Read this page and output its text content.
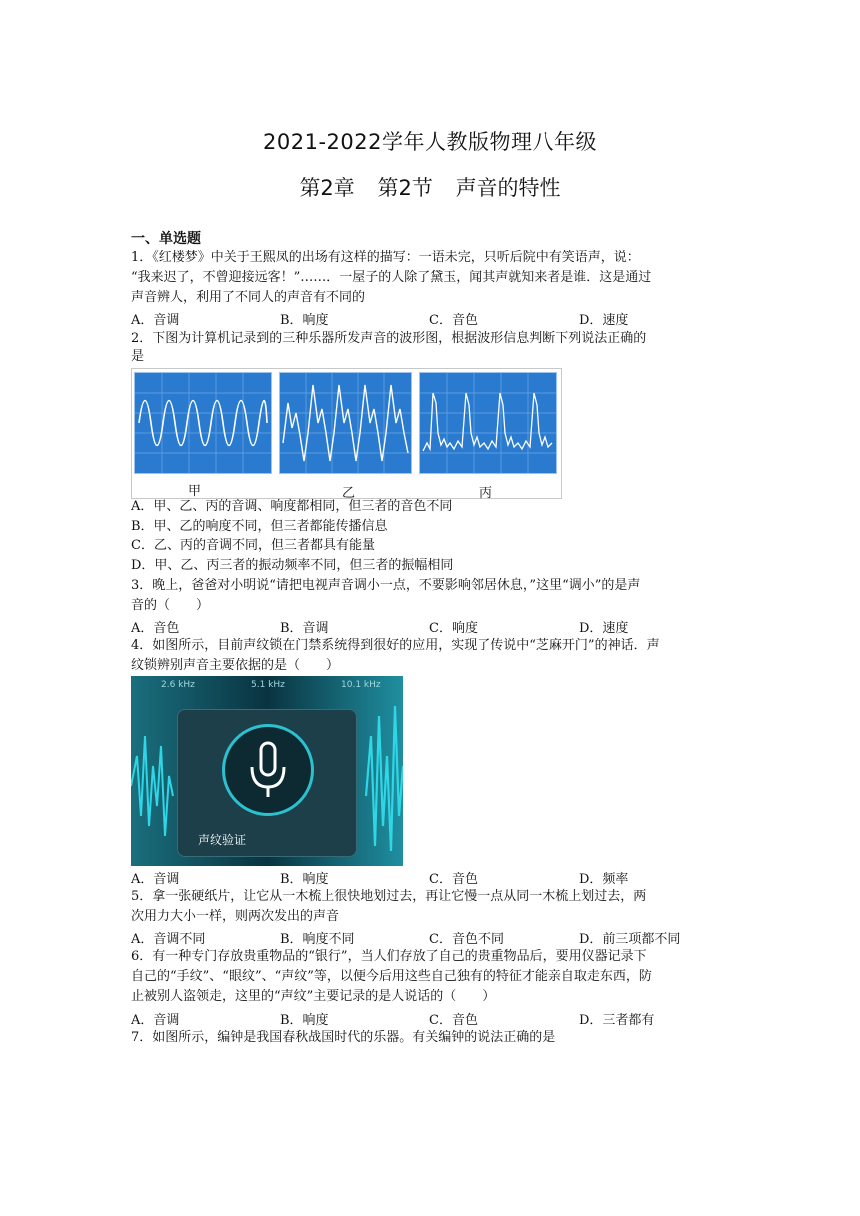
2021-2022学年人教版物理八年级
第2章 第2节 声音的特性
一、单选题
1．《红楼梦》中关于王熙凤的出场有这样的描写：一语未完，只听后院中有笑语声，说：
“我来迟了，不曾迎接远客！”……．一屋子的人除了黛玉，闻其声就知来者是谁．这是通过
声音辨人，利用了不同人的声音有不同的
A．音调	B．响度	C．音色	D．速度
2．下图为计算机记录到的三种乐器所发声音的波形图，根据波形信息判断下列说法正确的
是
甲	乙	丙
A．甲、乙、丙的音调、响度都相同，但三者的音色不同
B．甲、乙的响度不同，但三者都能传播信息
C．乙、丙的音调不同，但三者都具有能量
D．甲、乙、丙三者的振动频率不同，但三者的振幅相同
3．晚上，爸爸对小明说“请把电视声音调小一点，不要影响邻居休息，”这里“调小”的是声
音的（　　）
A．音色	B．音调	C．响度	D．速度
4．如图所示，目前声纹锁在门禁系统得到很好的应用，实现了传说中“芝麻开门”的神话．声
纹锁辨别声音主要依据的是（　　）
2.6 kHz	5.1 kHz	10.1 kHz
声纹验证
A．音调	B．响度	C．音色	D．频率
5．拿一张硬纸片，让它从一木梳上很快地划过去，再让它慢一点从同一木梳上划过去，两
次用力大小一样，则两次发出的声音
A．音调不同	B．响度不同	C．音色不同	D．前三项都不同
6．有一种专门存放贵重物品的“银行”，当人们存放了自己的贵重物品后，要用仪器记录下
自己的“手纹”、“眼纹”、“声纹”等，以便今后用这些自己独有的特征才能亲自取走东西，防
止被别人盗领走，这里的“声纹”主要记录的是人说话的（　　）
A．音调	B．响度	C．音色	D．三者都有
7．如图所示，编钟是我国春秋战国时代的乐器。有关编钟的说法正确的是
